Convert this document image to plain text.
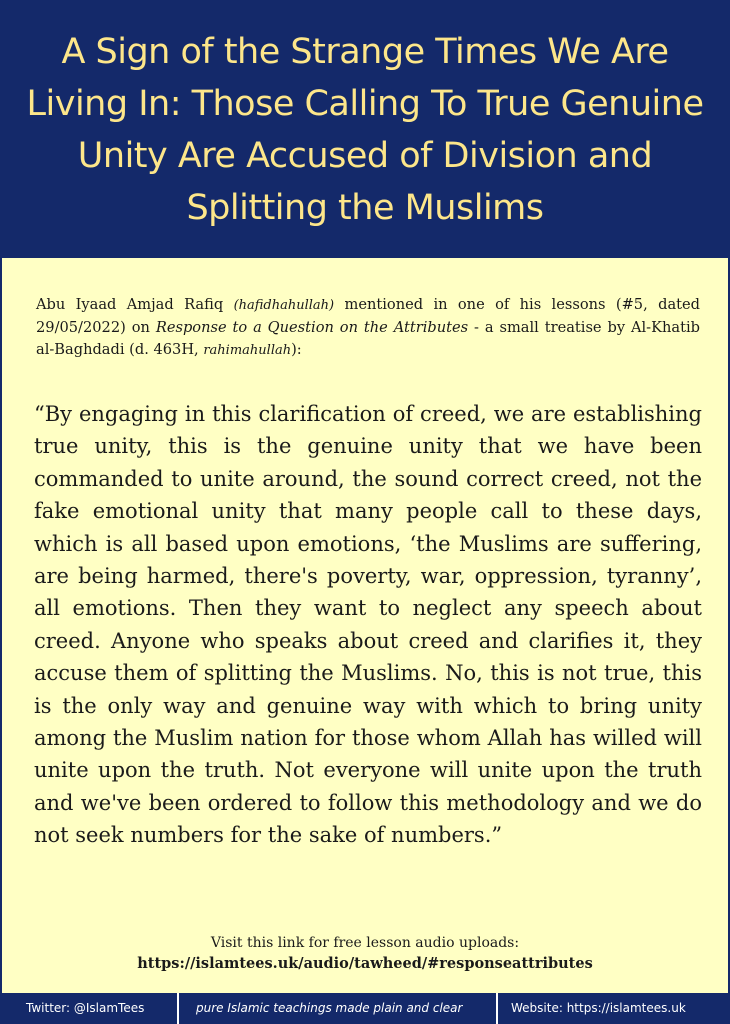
A Sign of the Strange Times We Are Living In: Those Calling To True Genuine Unity Are Accused of Division and Splitting the Muslims

Abu Iyaad Amjad Rafiq (hafidhahullah) mentioned in one of his lessons (#5, dated 29/05/2022) on Response to a Question on the Attributes - a small treatise by Al-Khatib al-Baghdadi (d. 463H, rahimahullah):

“By engaging in this clarification of creed, we are establishing true unity, this is the genuine unity that we have been commanded to unite around, the sound correct creed, not the fake emotional unity that many people call to these days, which is all based upon emotions, ‘the Muslims are suffering, are being harmed, there's poverty, war, oppression, tyranny’, all emotions. Then they want to neglect any speech about creed. Anyone who speaks about creed and clarifies it, they accuse them of splitting the Muslims. No, this is not true, this is the only way and genuine way with which to bring unity among the Muslim nation for those whom Allah has willed will unite upon the truth. Not everyone will unite upon the truth and we've been ordered to follow this methodology and we do not seek numbers for the sake of numbers.”

Visit this link for free lesson audio uploads:
https://islamtees.uk/audio/tawheed/#responseattributes
Twitter: @IslamTees	pure Islamic teachings made plain and clear	Website: https://islamtees.uk
